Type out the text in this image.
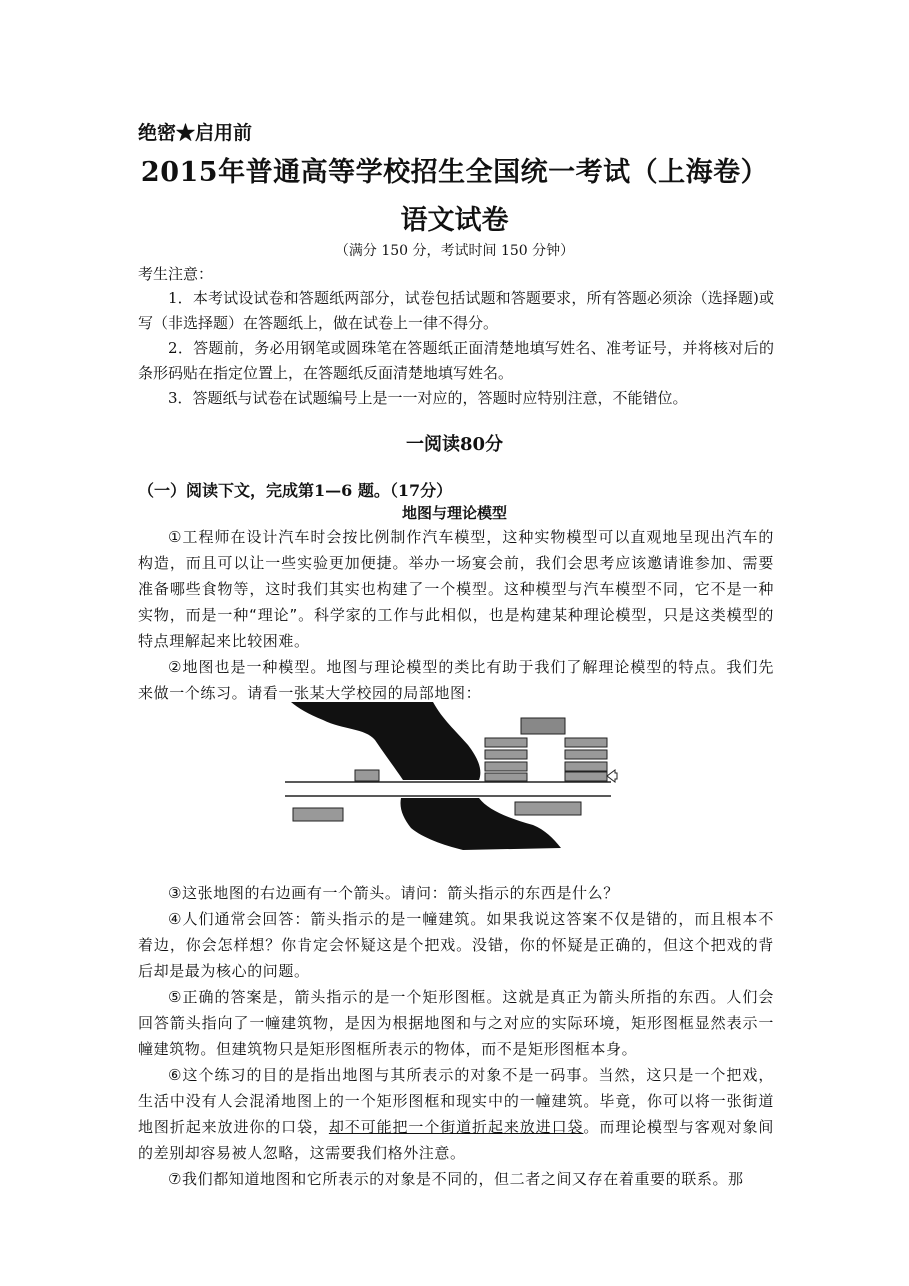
绝密★启用前
2015年普通高等学校招生全国统一考试（上海卷）
语文试卷
（满分 150 分，考试时间 150 分钟）
考生注意：

1．本考试设试卷和答题纸两部分，试卷包括试题和答题要求，所有答题必须涂（选择题)或写（非选择题）在答题纸上，做在试卷上一律不得分。

2．答题前，务必用钢笔或圆珠笔在答题纸正面清楚地填写姓名、准考证号，并将核对后的条形码贴在指定位置上，在答题纸反面清楚地填写姓名。

3．答题纸与试卷在试题编号上是一一对应的，答题时应特别注意，不能错位。

一阅读80分
（一）阅读下文，完成第1—6 题。（17分）
地图与理论模型

①工程师在设计汽车时会按比例制作汽车模型，这种实物模型可以直观地呈现出汽车的构造，而且可以让一些实验更加便捷。举办一场宴会前，我们会思考应该邀请谁参加、需要准备哪些食物等，这时我们其实也构建了一个模型。这种模型与汽车模型不同，它不是一种实物，而是一种“理论”。科学家的工作与此相似，也是构建某种理论模型，只是这类模型的特点理解起来比较困难。

②地图也是一种模型。地图与理论模型的类比有助于我们了解理论模型的特点。我们先来做一个练习。请看一张某大学校园的局部地图：

③这张地图的右边画有一个箭头。请问：箭头指示的东西是什么？

④人们通常会回答：箭头指示的是一幢建筑。如果我说这答案不仅是错的，而且根本不着边，你会怎样想？你肯定会怀疑这是个把戏。没错，你的怀疑是正确的，但这个把戏的背后却是最为核心的问题。

⑤正确的答案是，箭头指示的是一个矩形图框。这就是真正为箭头所指的东西。人们会回答箭头指向了一幢建筑物，是因为根据地图和与之对应的实际环境，矩形图框显然表示一幢建筑物。但建筑物只是矩形图框所表示的物体，而不是矩形图框本身。

⑥这个练习的目的是指出地图与其所表示的对象不是一码事。当然，这只是一个把戏，生活中没有人会混淆地图上的一个矩形图框和现实中的一幢建筑。毕竟，你可以将一张街道地图折起来放进你的口袋，却不可能把一个街道折起来放进口袋。而理论模型与客观对象间的差别却容易被人忽略，这需要我们格外注意。

⑦我们都知道地图和它所表示的对象是不同的，但二者之间又存在着重要的联系。那
